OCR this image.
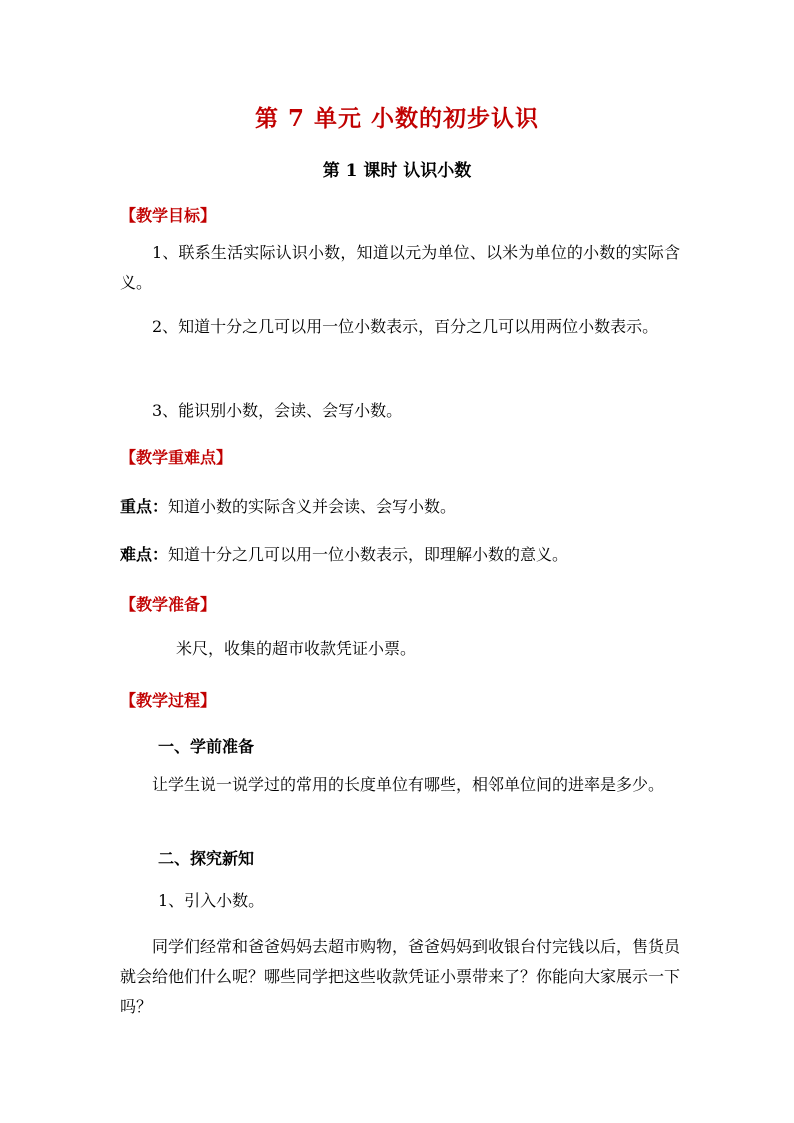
第 7 单元 小数的初步认识
第 1 课时 认识小数
【教学目标】
1、联系生活实际认识小数，知道以元为单位、以米为单位的小数的实际含义。
2、知道十分之几可以用一位小数表示，百分之几可以用两位小数表示。
3、能识别小数，会读、会写小数。
【教学重难点】
重点：知道小数的实际含义并会读、会写小数。
难点：知道十分之几可以用一位小数表示，即理解小数的意义。
【教学准备】
米尺，收集的超市收款凭证小票。
【教学过程】
一、学前准备
让学生说一说学过的常用的长度单位有哪些，相邻单位间的进率是多少。
二、探究新知
1、引入小数。
同学们经常和爸爸妈妈去超市购物，爸爸妈妈到收银台付完钱以后，售货员就会给他们什么呢？哪些同学把这些收款凭证小票带来了？你能向大家展示一下吗？
